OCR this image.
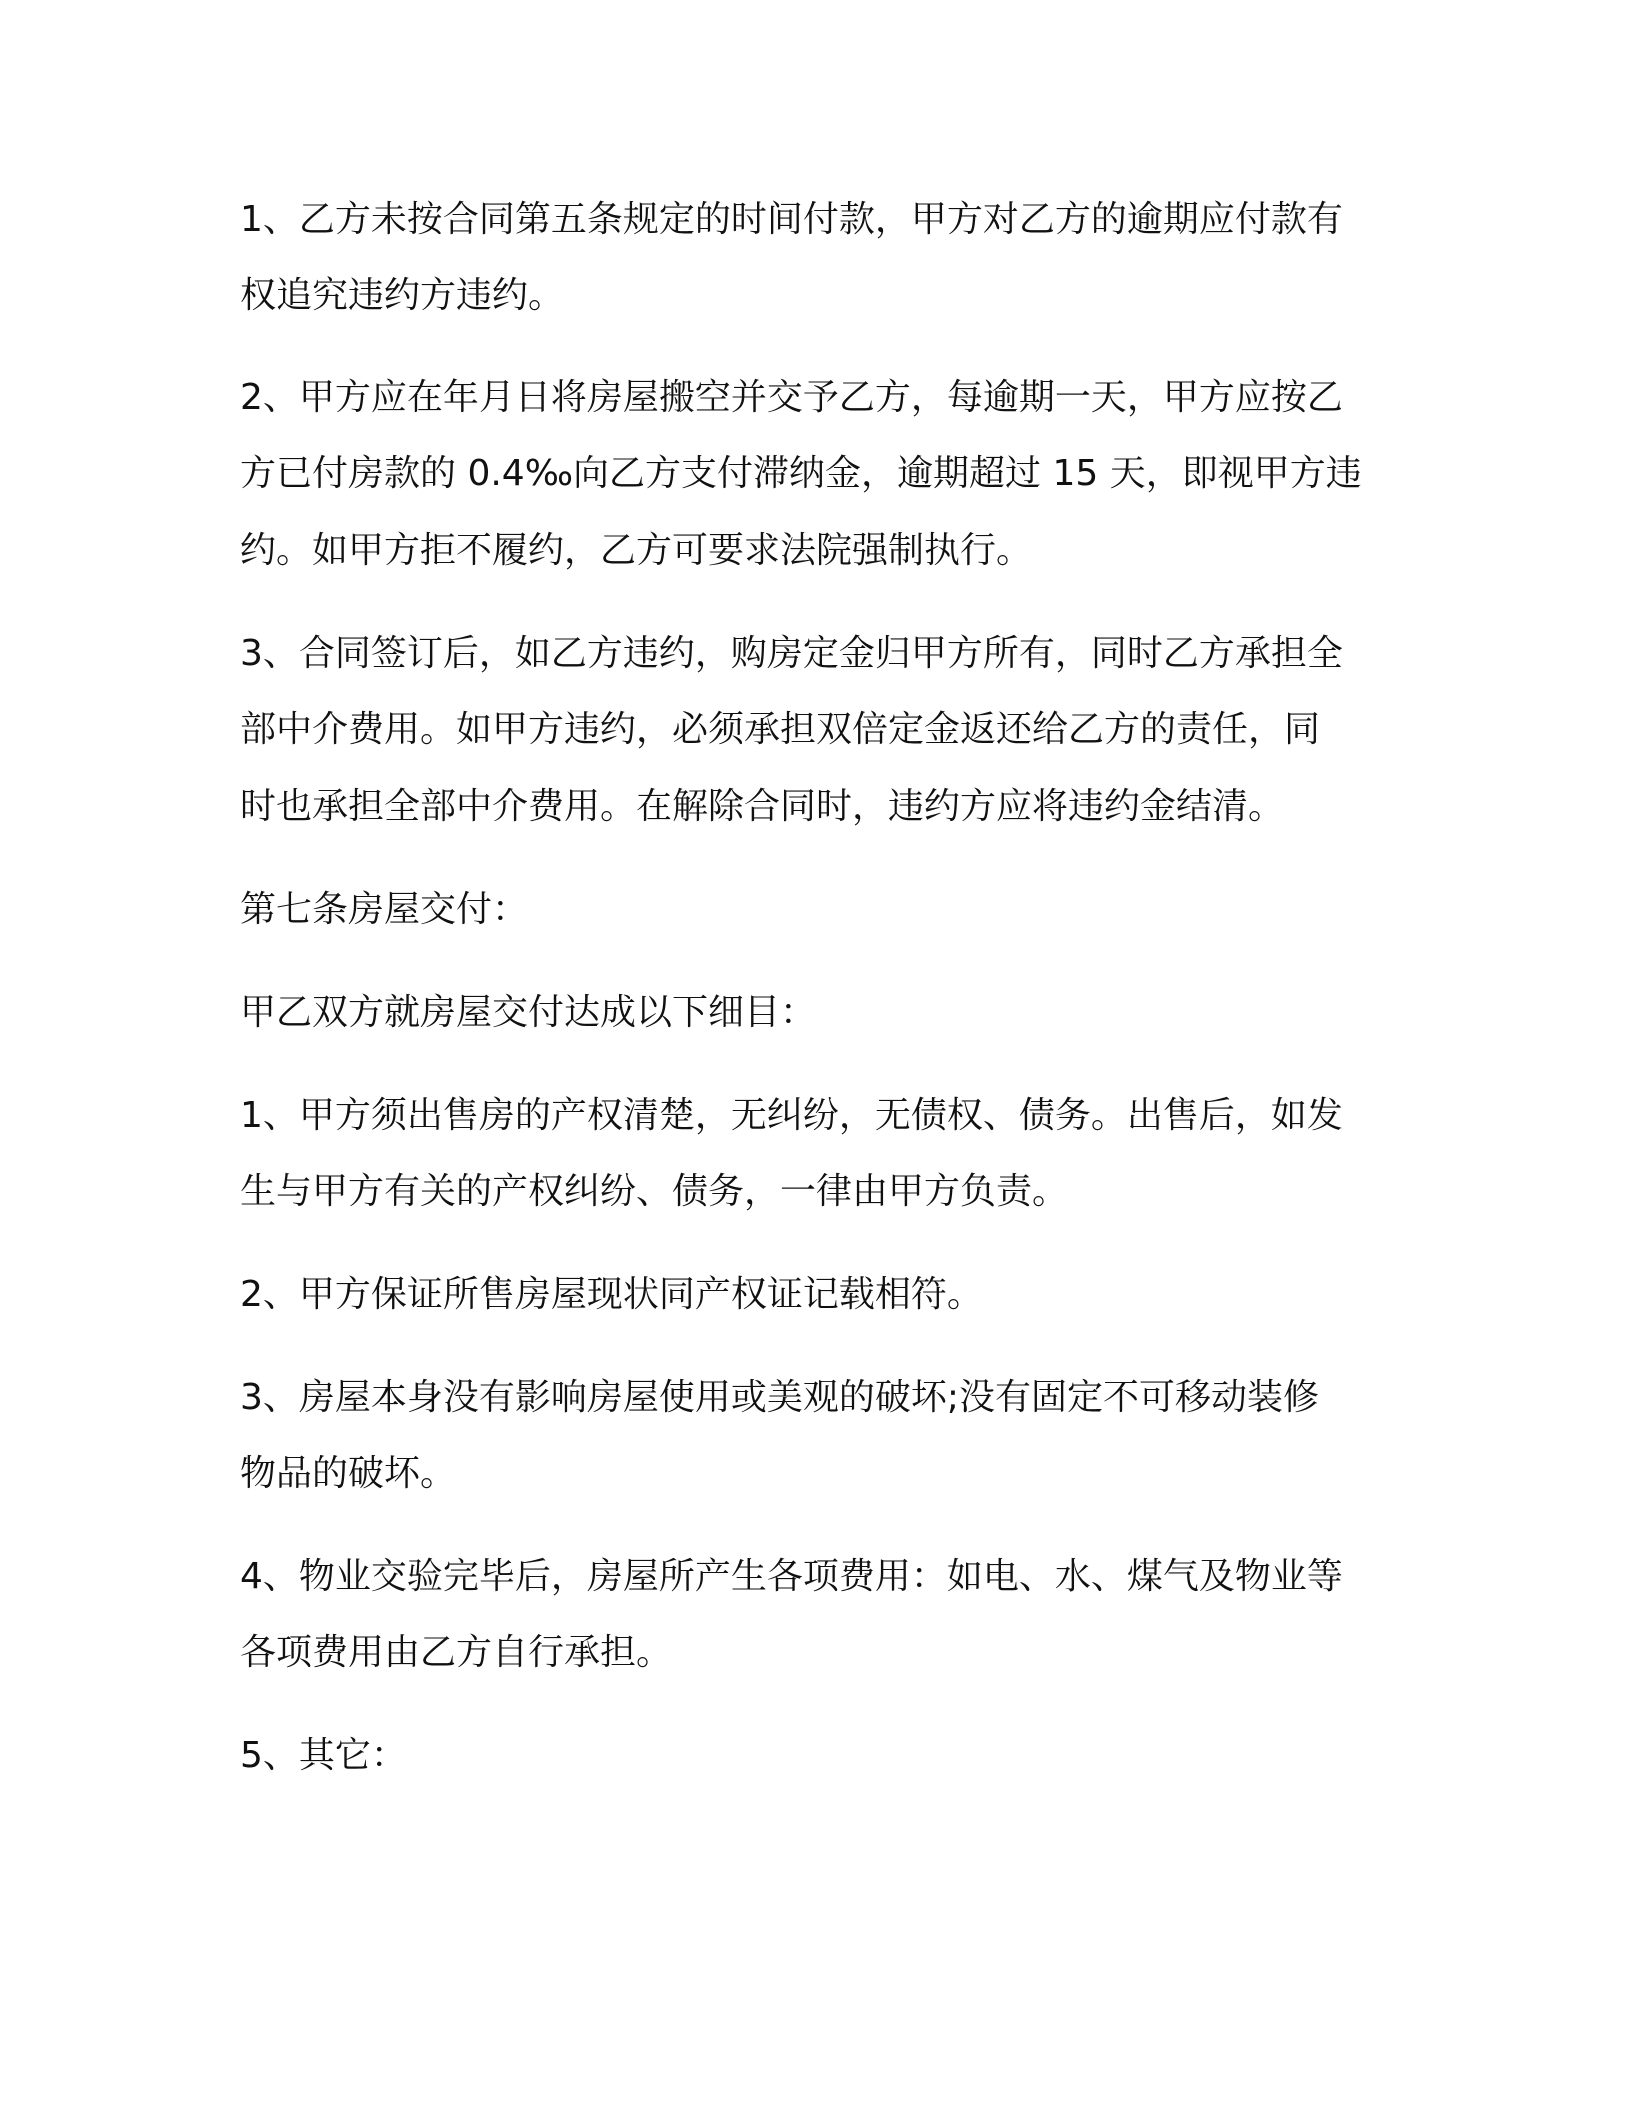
1、乙方未按合同第五条规定的时间付款，甲方对乙方的逾期应付款有
权追究违约方违约。
2、甲方应在年月日将房屋搬空并交予乙方，每逾期一天，甲方应按乙
方已付房款的 0.4‰向乙方支付滞纳金，逾期超过 15 天，即视甲方违
约。如甲方拒不履约，乙方可要求法院强制执行。
3、合同签订后，如乙方违约，购房定金归甲方所有，同时乙方承担全
部中介费用。如甲方违约，必须承担双倍定金返还给乙方的责任，同
时也承担全部中介费用。在解除合同时，违约方应将违约金结清。
第七条房屋交付：
甲乙双方就房屋交付达成以下细目：
1、甲方须出售房的产权清楚，无纠纷，无债权、债务。出售后，如发
生与甲方有关的产权纠纷、债务，一律由甲方负责。
2、甲方保证所售房屋现状同产权证记载相符。
3、房屋本身没有影响房屋使用或美观的破坏;没有固定不可移动装修
物品的破坏。
4、物业交验完毕后，房屋所产生各项费用：如电、水、煤气及物业等
各项费用由乙方自行承担。
5、其它：
